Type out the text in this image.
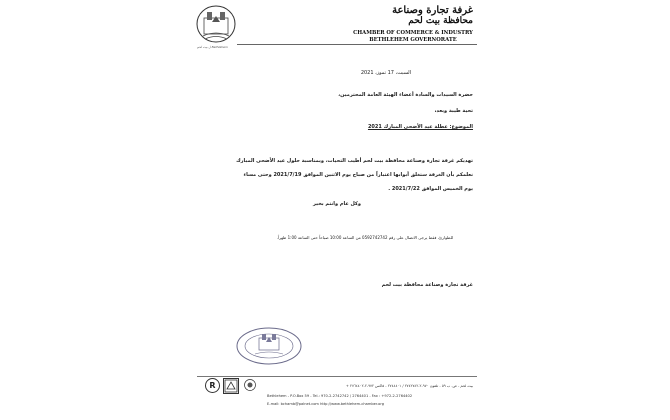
ل بيت لحم Bethlehem
غرفة تجارة وصناعة
محافظة بيت لحم
CHAMBER OF COMMERCE & INDUSTRY
BETHLEHEM GOVERNORATE
السبت، 17 تموز، 2021
حضرة السيدات والسادة أعضاء الهيئة العامة المحترمين،
تحية طيبة وبعد،
الموضوع: عطلة عيد الأضحى المبارك 2021
تهديكم غرفة تجارة وصناعة محافظة بيت لحم أطيب التحيات، وبمناسبة حلول عيد الأضحى المبارك
نعلمكم بأن الغرفة ستغلق أبوابها اعتباراً من صباح يوم الاثنين الموافق 2021/7/19 وحتى مساء
يوم الخميس الموافق 2021/7/22 .
وكل عام وانتم بخير
للطوارئ، فقط يرجى الاتصال على رقم 0592742742 من الساعة 10:00 صباحاً حتى الساعة 1:00 ظهراً.
غرفة تجارة وصناعة محافظة بيت لحم
R	بيت لحم - ص. ب ٥٩ - تلفون ٩٧٠-٢-٢٧٤٢٧٤٢ / ٢٧٤٤٤٠١ - فاكس ٩٧٢-٢-٢٧٦٤٤٠٢ +
Bethlehem - P.O.Box 59 - Tel.: 970-2-2742742 / 2764401 - Fax : +972-2-2764402
E-mail: bchamb@palnet.com http://www.bethlehem-chamber.org
